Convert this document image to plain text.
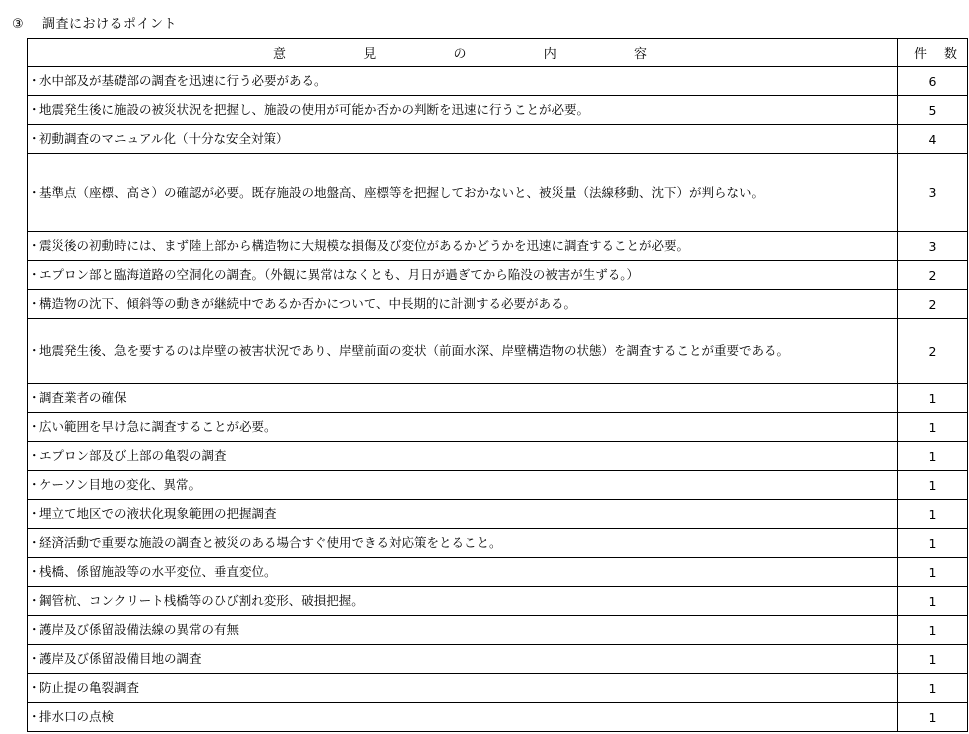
③ 調査におけるポイント
意 見 の 内 容	件 数

・
水中部及が基礎部の調査を迅速に行う必要がある。	6

・
地震発生後に施設の被災状況を把握し、施設の使用が可能か否かの判断を迅速に行うことが必要。	5

・
初動調査のマニュアル化（十分な安全対策）	4

・
基準点（座標、高さ）の確認が必要。既存施設の地盤高、座標等を把握しておかないと、被災量（法線移動、沈下）が判らない。	3

・
震災後の初動時には、まず陸上部から構造物に大規模な損傷及び変位があるかどうかを迅速に調査することが必要。	3

・
エプロン部と臨海道路の空洞化の調査。（外観に異常はなくとも、月日が過ぎてから陥没の被害が生ずる。）	2

・
構造物の沈下、傾斜等の動きが継続中であるか否かについて、中長期的に計測する必要がある。	2

・
地震発生後、急を要するのは岸壁の被害状況であり、岸壁前面の変状（前面水深、岸壁構造物の状態）を調査することが重要である。	2

・
調査業者の確保	1

・
広い範囲を早け急に調査することが必要。	1

・
エプロン部及び上部の亀裂の調査	1

・
ケーソン目地の変化、異常。	1

・
埋立て地区での液状化現象範囲の把握調査	1

・
経済活動で重要な施設の調査と被災のある場合すぐ使用できる対応策をとること。	1

・
桟橋、係留施設等の水平変位、垂直変位。	1

・
鋼管杭、コンクリート桟橋等のひび割れ変形、破損把握。	1

・
護岸及び係留設備法線の異常の有無	1

・
護岸及び係留設備目地の調査	1

・
防止提の亀裂調査	1

・
排水口の点検	1
